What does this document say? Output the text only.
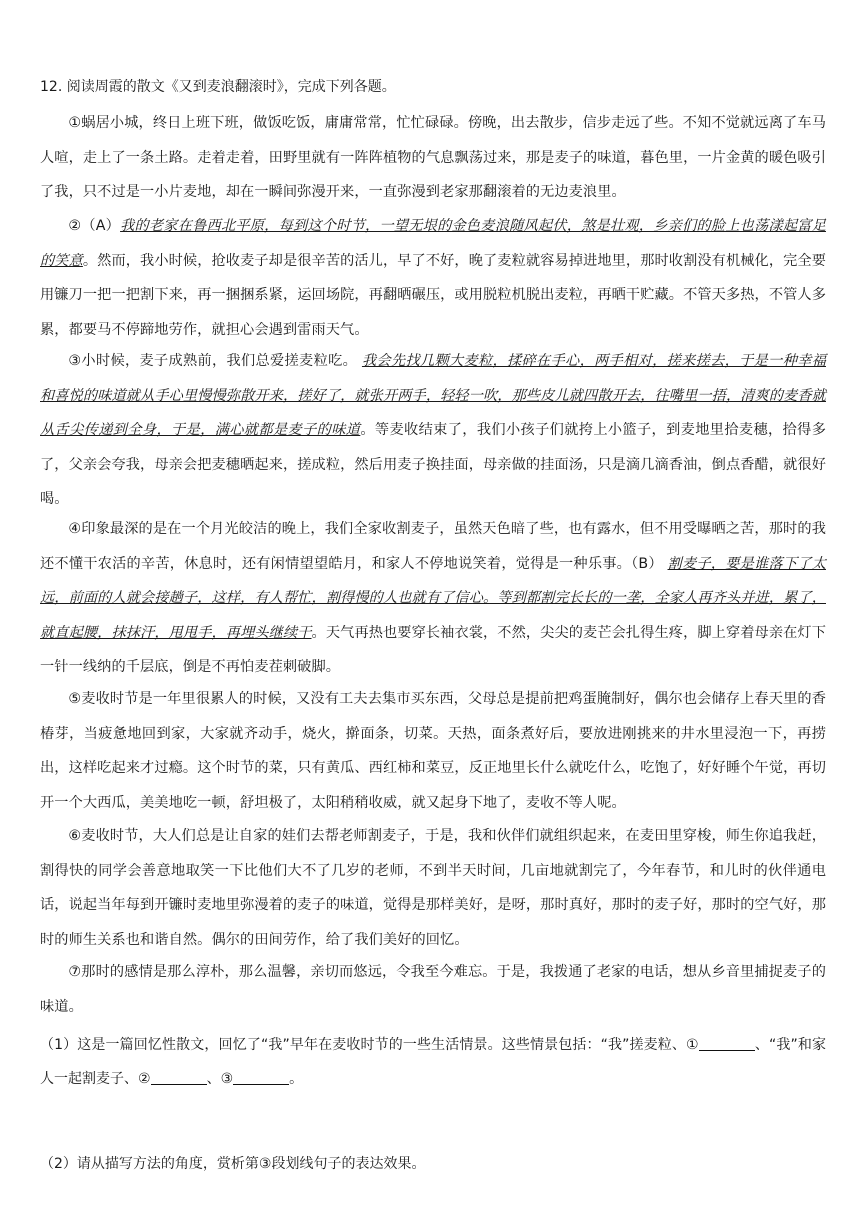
12. 阅读周霞的散文《又到麦浪翻滚时》，完成下列各题。

①蜗居小城，终日上班下班，做饭吃饭，庸庸常常，忙忙碌碌。傍晚，出去散步，信步走远了些。不知不觉就远离了车马人喧，走上了一条土路。走着走着，田野里就有一阵阵植物的气息飘荡过来，那是麦子的味道，暮色里，一片金黄的暖色吸引了我，只不过是一小片麦地，却在一瞬间弥漫开来，一直弥漫到老家那翻滚着的无边麦浪里。

②（A）我的老家在鲁西北平原，每到这个时节，一望无垠的金色麦浪随风起伏，煞是壮观，乡亲们的脸上也荡漾起富足的笑意。然而，我小时候，抢收麦子却是很辛苦的活儿，早了不好，晚了麦粒就容易掉进地里，那时收割没有机械化，完全要用镰刀一把一把割下来，再一捆捆系紧，运回场院，再翻晒碾压，或用脱粒机脱出麦粒，再晒干贮藏。不管天多热，不管人多累，都要马不停蹄地劳作，就担心会遇到雷雨天气。

③小时候，麦子成熟前，我们总爱搓麦粒吃。 我会先找几颗大麦粒，揉碎在手心，两手相对，搓来搓去，于是一种幸福和喜悦的味道就从手心里慢慢弥散开来，搓好了，就张开两手，轻轻一吹，那些皮儿就四散开去，往嘴里一捂，清爽的麦香就从舌尖传递到全身，于是，满心就都是麦子的味道。等麦收结束了，我们小孩子们就挎上小篮子，到麦地里拾麦穗，拾得多了，父亲会夸我，母亲会把麦穗晒起来，搓成粒，然后用麦子换挂面，母亲做的挂面汤，只是滴几滴香油，倒点香醋，就很好喝。

④印象最深的是在一个月光皎洁的晚上，我们全家收割麦子，虽然天色暗了些，也有露水，但不用受曝晒之苦，那时的我还不懂干农活的辛苦，休息时，还有闲情望望皓月，和家人不停地说笑着，觉得是一种乐事。（B） 割麦子，要是谁落下了太远，前面的人就会接趟子，这样，有人帮忙，割得慢的人也就有了信心。等到都割完长长的一垄，全家人再齐头并进，累了，就直起腰，抹抹汗，甩甩手，再埋头继续干。天气再热也要穿长袖衣裳，不然，尖尖的麦芒会扎得生疼，脚上穿着母亲在灯下一针一线纳的千层底，倒是不再怕麦茬刺破脚。

⑤麦收时节是一年里很累人的时候，又没有工夫去集市买东西，父母总是提前把鸡蛋腌制好，偶尔也会储存上春天里的香椿芽，当疲惫地回到家，大家就齐动手，烧火，擀面条，切菜。天热，面条煮好后，要放进刚挑来的井水里浸泡一下，再捞出，这样吃起来才过瘾。这个时节的菜，只有黄瓜、西红柿和菜豆，反正地里长什么就吃什么，吃饱了，好好睡个午觉，再切开一个大西瓜，美美地吃一顿，舒坦极了，太阳稍稍收威，就又起身下地了，麦收不等人呢。

⑥麦收时节，大人们总是让自家的娃们去帮老师割麦子，于是，我和伙伴们就组织起来，在麦田里穿梭，师生你追我赶，割得快的同学会善意地取笑一下比他们大不了几岁的老师，不到半天时间，几亩地就割完了，今年春节，和儿时的伙伴通电话，说起当年每到开镰时麦地里弥漫着的麦子的味道，觉得是那样美好，是呀，那时真好，那时的麦子好，那时的空气好，那时的师生关系也和谐自然。偶尔的田间劳作，给了我们美好的回忆。

⑦那时的感情是那么淳朴，那么温馨，亲切而悠远，令我至今难忘。于是，我拨通了老家的电话，想从乡音里捕捉麦子的味道。

（1）这是一篇回忆性散文，回忆了“我”早年在麦收时节的一些生活情景。这些情景包括：“我”搓麦粒、①	、“我”和家人一起割麦子、②	、③	。

（2）请从描写方法的角度，赏析第③段划线句子的表达效果。
